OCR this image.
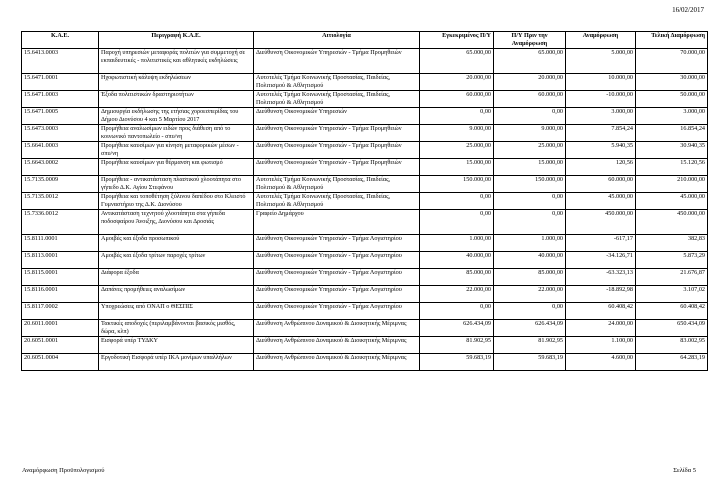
16/02/2017
Κ.Α.Ε.	Περιγραφή Κ.Α.Ε.	Αιτιολογία	Εγκεκριμένος Π/Υ	Π/Υ Πριν την Αναμόρφωση	Αναμόρφωση	Τελική Διαμόρφωση
15.6413.0003	Παροχή υπηρεσιών μεταφοράς πολιτών για συμμετοχή σε εκπαιδευτικές - πολιτιστικές και αθλητικές εκδηλώσεις	Διεύθυνση Οικονομικών Υπηρεσιών - Τμήμα Προμηθειών	65.000,00	65.000,00	5.000,00	70.000,00
15.6471.0001	Ηχοφωτιστική κάλυψη εκδηλώσεων	Αυτοτελές Τμήμα Κοινωνικής Προστασίας, Παιδείας, Πολιτισμού & Αθλητισμού	20.000,00	20.000,00	10.000,00	30.000,00
15.6471.0003	Έξοδα πολιτιστικών δραστηριοτήτων	Αυτοτελές Τμήμα Κοινωνικής Προστασίας, Παιδείας, Πολιτισμού & Αθλητισμού	60.000,00	60.000,00	-10.000,00	50.000,00
15.6471.0005	Δημιουργία εκδήλωσης της ετήσιας χοροεσπερίδας του Δήμου Διονύσου 4 και 5 Μαρτίου 2017	Διεύθυνση Οικονομικών Υπηρεσιών	0,00	0,00	3.000,00	3.000,00
15.6473.0003	Προμήθεια αναλωσίμων ειδών προς διάθεση από το κοινωνικό παντοπωλείο - σπυ/νη	Διεύθυνση Οικονομικών Υπηρεσιών - Τμήμα Προμηθειών	9.000,00	9.000,00	7.854,24	16.854,24
15.6641.0003	Προμήθεια καυσίμων για κίνηση μεταφορικών μέσων - σπυ/νη	Διεύθυνση Οικονομικών Υπηρεσιών - Τμήμα Προμηθειών	25.000,00	25.000,00	5.940,35	30.940,35
15.6643.0002	Προμήθεια καυσίμων για θέρμανση και φωτισμό	Διεύθυνση Οικονομικών Υπηρεσιών - Τμήμα Προμηθειών	15.000,00	15.000,00	120,56	15.120,56
15.7135.0009	Προμήθεια - αντικατάσταση πλαστικού χλοοτάπητα στο γήπεδο Δ.Κ. Αγίου Στεφάνου	Αυτοτελές Τμήμα Κοινωνικής Προστασίας, Παιδείας, Πολιτισμού & Αθλητισμού	150.000,00	150.000,00	60.000,00	210.000,00
15.7135.0012	Προμήθεια και τοποθέτηση ξύλινου δαπέδου στο Κλειστό Γυμναστήριο της Δ.Κ. Διονύσου	Αυτοτελές Τμήμα Κοινωνικής Προστασίας, Παιδείας, Πολιτισμού & Αθλητισμού	0,00	0,00	45.000,00	45.000,00
15.7336.0012	Αντικατάσταση τεχνητού χλοοτάπητα στα γήπεδα ποδοσφαίρου Άνοιξης, Διονύσου και Δροσιάς	Γραφείο Δημάρχου	0,00	0,00	450.000,00	450.000,00
15.8111.0001	Αμοιβές και έξοδα προσωπικού	Διεύθυνση Οικονομικών Υπηρεσιών - Τμήμα Λογιστηρίου	1.000,00	1.000,00	-617,17	382,83
15.8113.0001	Αμοιβές και έξοδα τρίτων παροχές τρίτων	Διεύθυνση Οικονομικών Υπηρεσιών - Τμήμα Λογιστηρίου	40.000,00	40.000,00	-34.126,71	5.873,29
15.8115.0001	Διάφορα έξοδα	Διεύθυνση Οικονομικών Υπηρεσιών - Τμήμα Λογιστηρίου	85.000,00	85.000,00	-63.323,13	21.676,87
15.8116.0001	Δαπάνες προμήθειες αναλωσίμων	Διεύθυνση Οικονομικών Υπηρεσιών - Τμήμα Λογιστηρίου	22.000,00	22.000,00	-18.892,98	3.107,02
15.8117.0002	Υποχρεώσεις από ΟΝΑΠ ο ΘΕΣΠΙΣ	Διεύθυνση Οικονομικών Υπηρεσιών - Τμήμα Λογιστηρίου	0,00	0,00	60.408,42	60.408,42
20.6011.0001	Τακτικές αποδοχές (περιλαμβάνονται βασικός μισθός, δώρα, κλπ)	Διεύθυνση Ανθρώπινου Δυναμικού & Διοικητικής Μέριμνας	626.434,09	626.434,09	24.000,00	650.434,09
20.6051.0001	Εισφορά υπέρ ΤΥΔΚΥ	Διεύθυνση Ανθρώπινου Δυναμικού & Διοικητικής Μέριμνας	81.902,95	81.902,95	1.100,00	83.002,95
20.6051.0004	Εργοδοτική Εισφορά υπέρ ΙΚΑ μονίμων υπαλλήλων	Διεύθυνση Ανθρώπινου Δυναμικού & Διοικητικής Μέριμνας	59.683,19	59.683,19	4.600,00	64.283,19
Αναμόρφωση Προϋπολογισμού	Σελίδα 5
